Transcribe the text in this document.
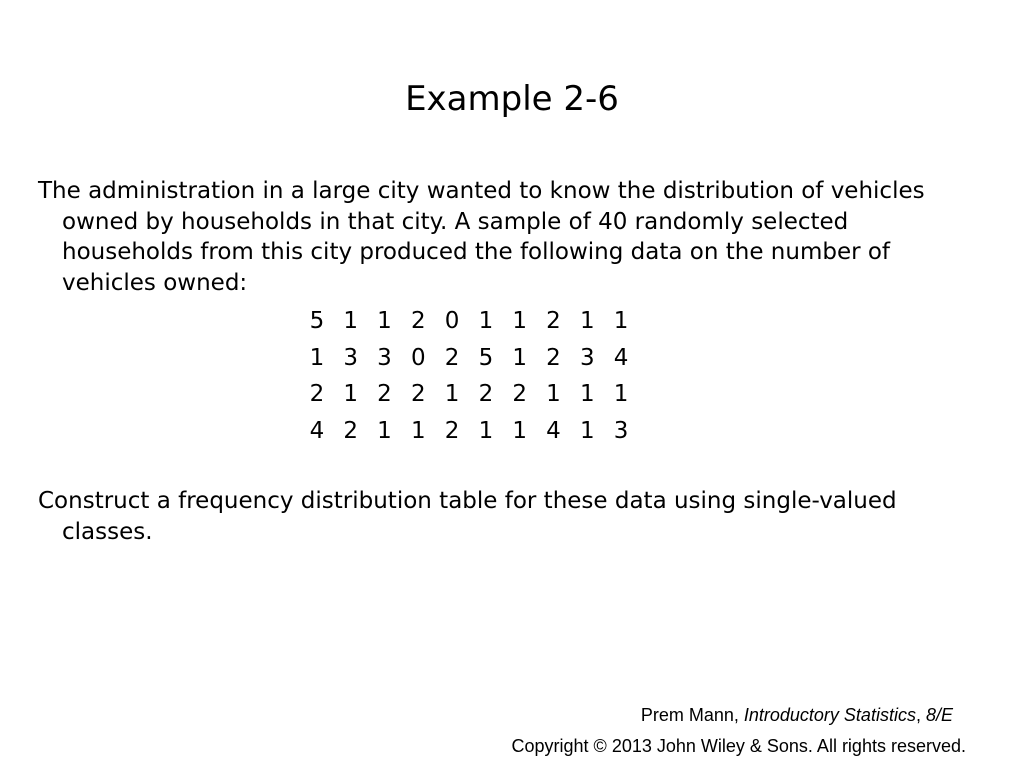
Example 2-6
The administration in a large city wanted to know the distribution of vehicles owned by households in that city. A sample of 40 randomly selected households from this city produced the following data on the number of vehicles owned:
5 1 1 2 0 1 1 2 1 1
1 3 3 0 2 5 1 2 3 4
2 1 2 2 1 2 2 1 1 1
4 2 1 1 2 1 1 4 1 3
Construct a frequency distribution table for these data using single-valued classes.
Prem Mann, Introductory Statistics, 8/E
Copyright © 2013 John Wiley & Sons. All rights reserved.
